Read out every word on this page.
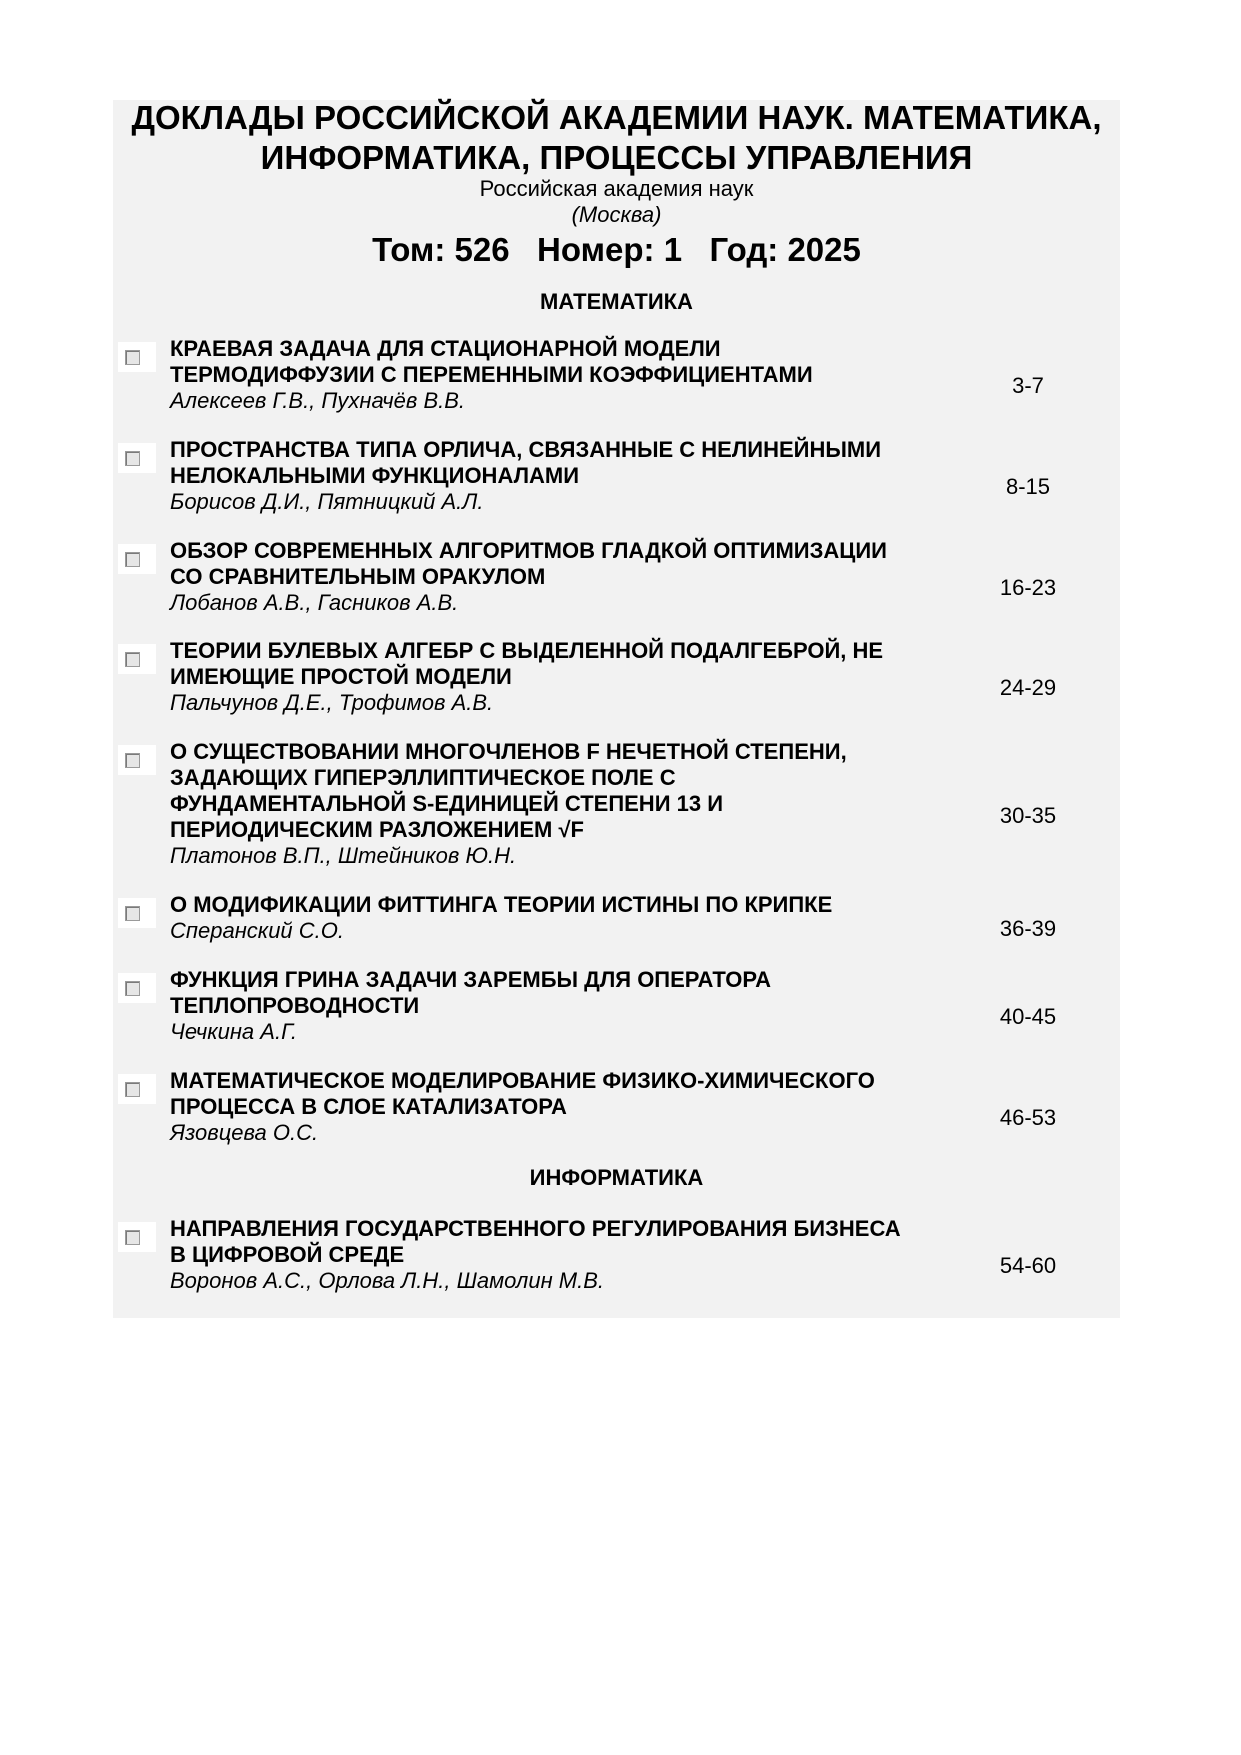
ДОКЛАДЫ РОССИЙСКОЙ АКАДЕМИИ НАУК. МАТЕМАТИКА,
ИНФОРМАТИКА, ПРОЦЕССЫ УПРАВЛЕНИЯ
Российская академия наук
(Москва)
Том: 526   Номер: 1   Год: 2025
МАТЕМАТИКА
КРАЕВАЯ ЗАДАЧА ДЛЯ СТАЦИОНАРНОЙ МОДЕЛИ
ТЕРМОДИФФУЗИИ С ПЕРЕМЕННЫМИ КОЭФФИЦИЕНТАМИ
Алексеев Г.В., Пухначёв В.В.
3-7
ПРОСТРАНСТВА ТИПА ОРЛИЧА, СВЯЗАННЫЕ С НЕЛИНЕЙНЫМИ
НЕЛОКАЛЬНЫМИ ФУНКЦИОНАЛАМИ
Борисов Д.И., Пятницкий А.Л.
8-15
ОБЗОР СОВРЕМЕННЫХ АЛГОРИТМОВ ГЛАДКОЙ ОПТИМИЗАЦИИ
СО СРАВНИТЕЛЬНЫМ ОРАКУЛОМ
Лобанов А.В., Гасников А.В.
16-23
ТЕОРИИ БУЛЕВЫХ АЛГЕБР С ВЫДЕЛЕННОЙ ПОДАЛГЕБРОЙ, НЕ
ИМЕЮЩИЕ ПРОСТОЙ МОДЕЛИ
Пальчунов Д.Е., Трофимов А.В.
24-29
О СУЩЕСТВОВАНИИ МНОГОЧЛЕНОВ F НЕЧЕТНОЙ СТЕПЕНИ,
ЗАДАЮЩИХ ГИПЕРЭЛЛИПТИЧЕСКОЕ ПОЛЕ С
ФУНДАМЕНТАЛЬНОЙ S-ЕДИНИЦЕЙ СТЕПЕНИ 13 И
ПЕРИОДИЧЕСКИМ РАЗЛОЖЕНИЕМ √F
Платонов В.П., Штейников Ю.Н.
30-35
О МОДИФИКАЦИИ ФИТТИНГА ТЕОРИИ ИСТИНЫ ПО КРИПКЕ
Сперанский С.О.	36-39
ФУНКЦИЯ ГРИНА ЗАДАЧИ ЗАРЕМБЫ ДЛЯ ОПЕРАТОРА
ТЕПЛОПРОВОДНОСТИ
Чечкина А.Г.
40-45
МАТЕМАТИЧЕСКОЕ МОДЕЛИРОВАНИЕ ФИЗИКО-ХИМИЧЕСКОГО
ПРОЦЕССА В СЛОЕ КАТАЛИЗАТОРА
Язовцева О.С.
46-53
ИНФОРМАТИКА
НАПРАВЛЕНИЯ ГОСУДАРСТВЕННОГО РЕГУЛИРОВАНИЯ БИЗНЕСА
В ЦИФРОВОЙ СРЕДЕ
Воронов А.С., Орлова Л.Н., Шамолин М.В.
54-60
